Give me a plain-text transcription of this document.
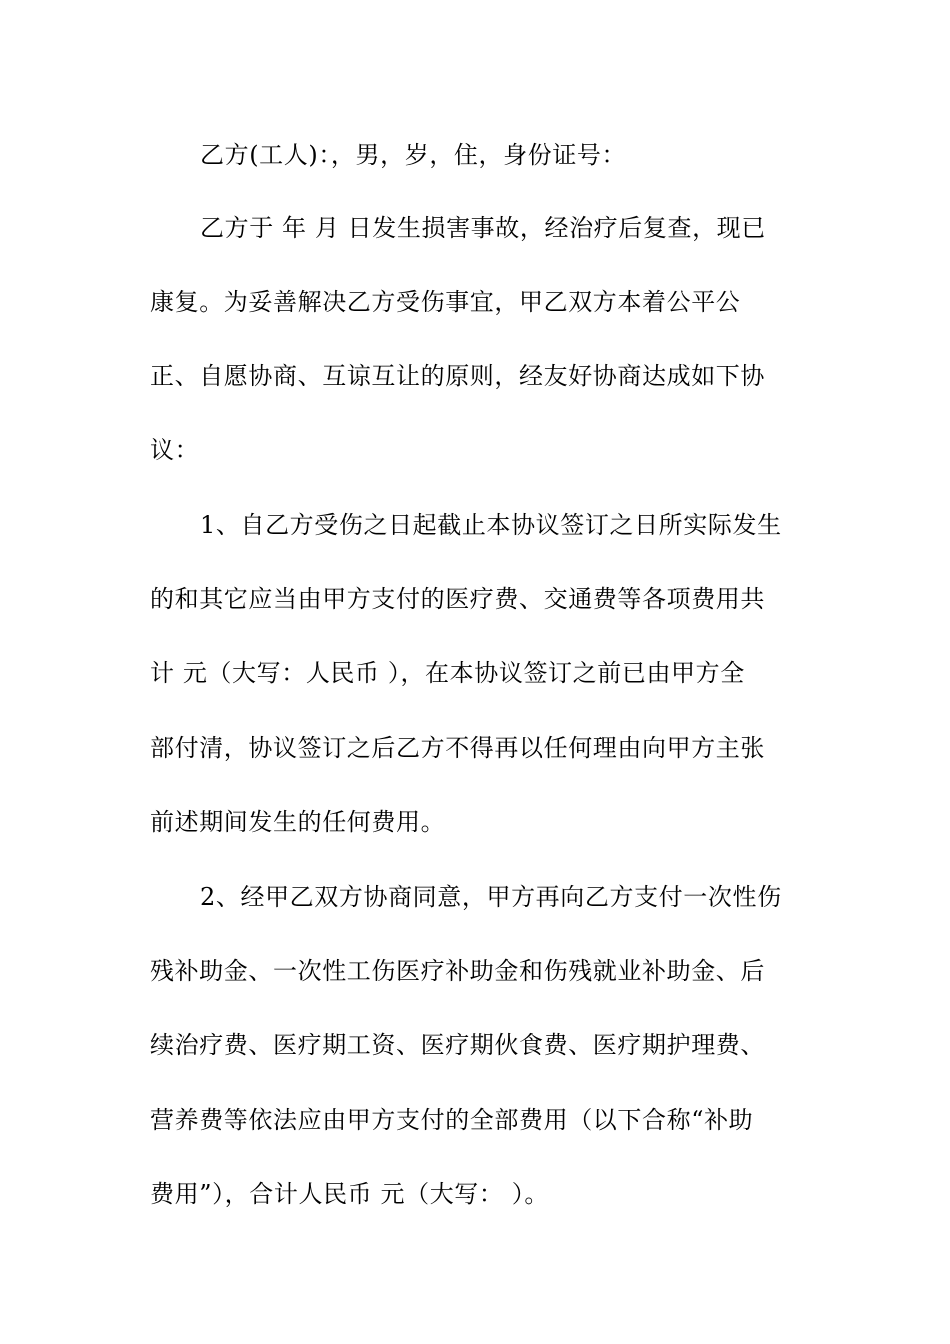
乙方(工人)：，男，岁，住，身份证号：
乙方于 年 月 日发生损害事故，经治疗后复查，现已
康复。为妥善解决乙方受伤事宜，甲乙双方本着公平公
正、自愿协商、互谅互让的原则，经友好协商达成如下协
议：
1、自乙方受伤之日起截止本协议签订之日所实际发生
的和其它应当由甲方支付的医疗费、交通费等各项费用共
计 元（大写：人民币 ），在本协议签订之前已由甲方全
部付清，协议签订之后乙方不得再以任何理由向甲方主张
前述期间发生的任何费用。
2、经甲乙双方协商同意，甲方再向乙方支付一次性伤
残补助金、一次性工伤医疗补助金和伤残就业补助金、后
续治疗费、医疗期工资、医疗期伙食费、医疗期护理费、
营养费等依法应由甲方支付的全部费用（以下合称“补助
费用”），合计人民币 元（大写： ）。
